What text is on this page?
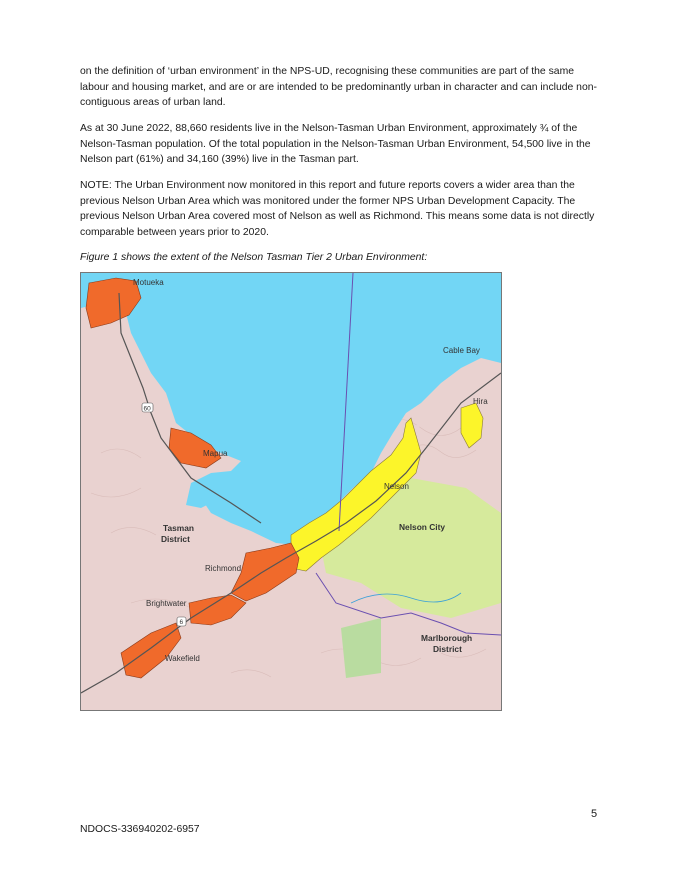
on the definition of ‘urban environment’ in the NPS-UD, recognising these communities are part of the same labour and housing market, and are or are intended to be predominantly urban in character and can include non-contiguous areas of urban land.

As at 30 June 2022, 88,660 residents live in the Nelson-Tasman Urban Environment, approximately ¾ of the Nelson-Tasman population. Of the total population in the Nelson-Tasman Urban Environment, 54,500 live in the Nelson part (61%) and 34,160 (39%) live in the Tasman part.

NOTE: The Urban Environment now monitored in this report and future reports covers a wider area than the previous Nelson Urban Area which was monitored under the former NPS Urban Development Capacity. The previous Nelson Urban Area covered most of Nelson as well as Richmond. This means some data is not directly comparable between years prior to 2020.

Figure 1 shows the extent of the Nelson Tasman Tier 2 Urban Environment:

60
6
Motueka
Mapua
Cable Bay
Hira
Nelson
Nelson City
Richmond
Brightwater
Wakefield
Tasman
District
Marlborough
District
5
NDOCS-336940202-6957
